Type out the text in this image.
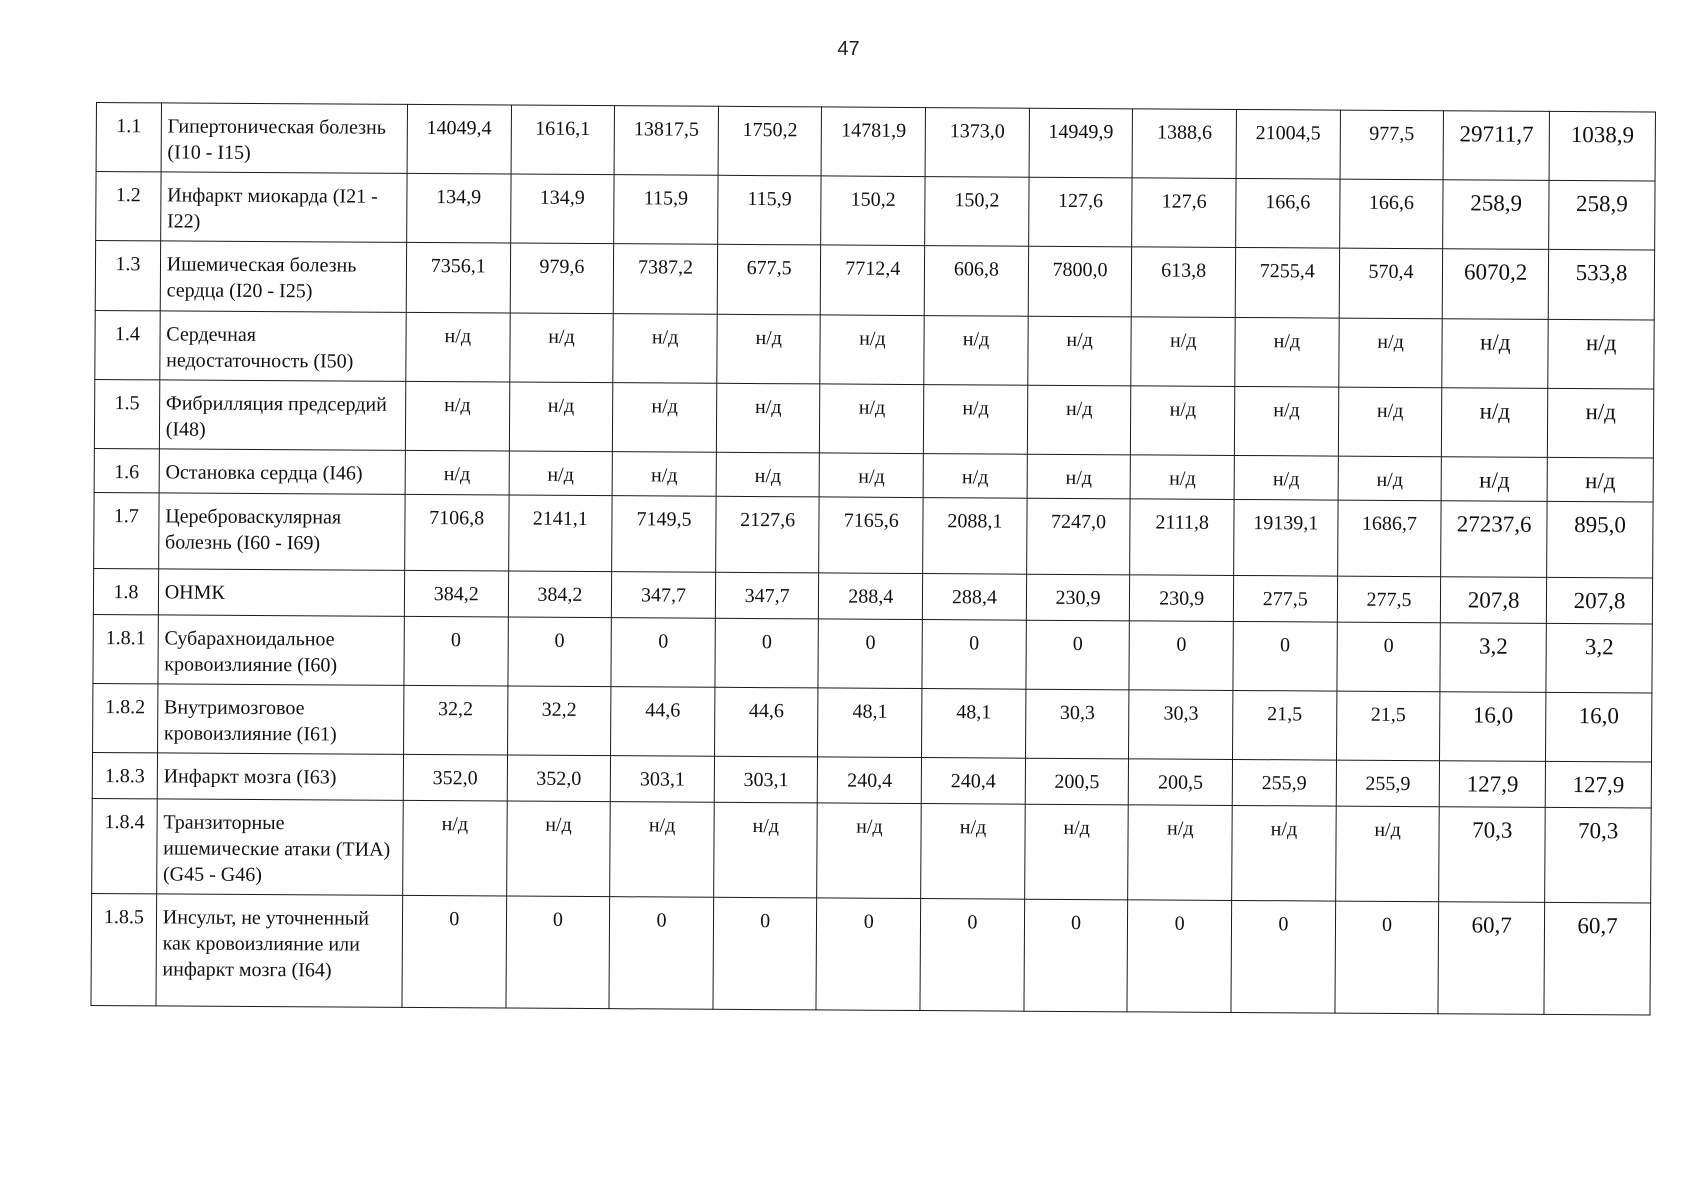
47
1.1	Гипертоническая болезнь (I10 - I15)	14049,4	1616,1	13817,5	1750,2	14781,9	1373,0	14949,9	1388,6	21004,5	977,5	29711,7	1038,9
1.2	Инфаркт миокарда (I21 - I22)	134,9	134,9	115,9	115,9	150,2	150,2	127,6	127,6	166,6	166,6	258,9	258,9
1.3	Ишемическая болезнь сердца (I20 - I25)	7356,1	979,6	7387,2	677,5	7712,4	606,8	7800,0	613,8	7255,4	570,4	6070,2	533,8
1.4	Сердечная недостаточность (I50)	н/д	н/д	н/д	н/д	н/д	н/д	н/д	н/д	н/д	н/д	н/д	н/д
1.5	Фибрилляция предсердий (I48)	н/д	н/д	н/д	н/д	н/д	н/д	н/д	н/д	н/д	н/д	н/д	н/д
1.6	Остановка сердца (I46)	н/д	н/д	н/д	н/д	н/д	н/д	н/д	н/д	н/д	н/д	н/д	н/д
1.7	Цереброваскулярная болезнь (I60 - I69)	7106,8	2141,1	7149,5	2127,6	7165,6	2088,1	7247,0	2111,8	19139,1	1686,7	27237,6	895,0
1.8	ОНМК	384,2	384,2	347,7	347,7	288,4	288,4	230,9	230,9	277,5	277,5	207,8	207,8
1.8.1	Субарахноидальное кровоизлияние (I60)	0	0	0	0	0	0	0	0	0	0	3,2	3,2
1.8.2	Внутримозговое кровоизлияние (I61)	32,2	32,2	44,6	44,6	48,1	48,1	30,3	30,3	21,5	21,5	16,0	16,0
1.8.3	Инфаркт мозга (I63)	352,0	352,0	303,1	303,1	240,4	240,4	200,5	200,5	255,9	255,9	127,9	127,9
1.8.4	Транзиторные ишемические атаки (ТИА) (G45 - G46)	н/д	н/д	н/д	н/д	н/д	н/д	н/д	н/д	н/д	н/д	70,3	70,3
1.8.5	Инсульт, не уточненный как кровоизлияние или инфаркт мозга (I64)	0	0	0	0	0	0	0	0	0	0	60,7	60,7
